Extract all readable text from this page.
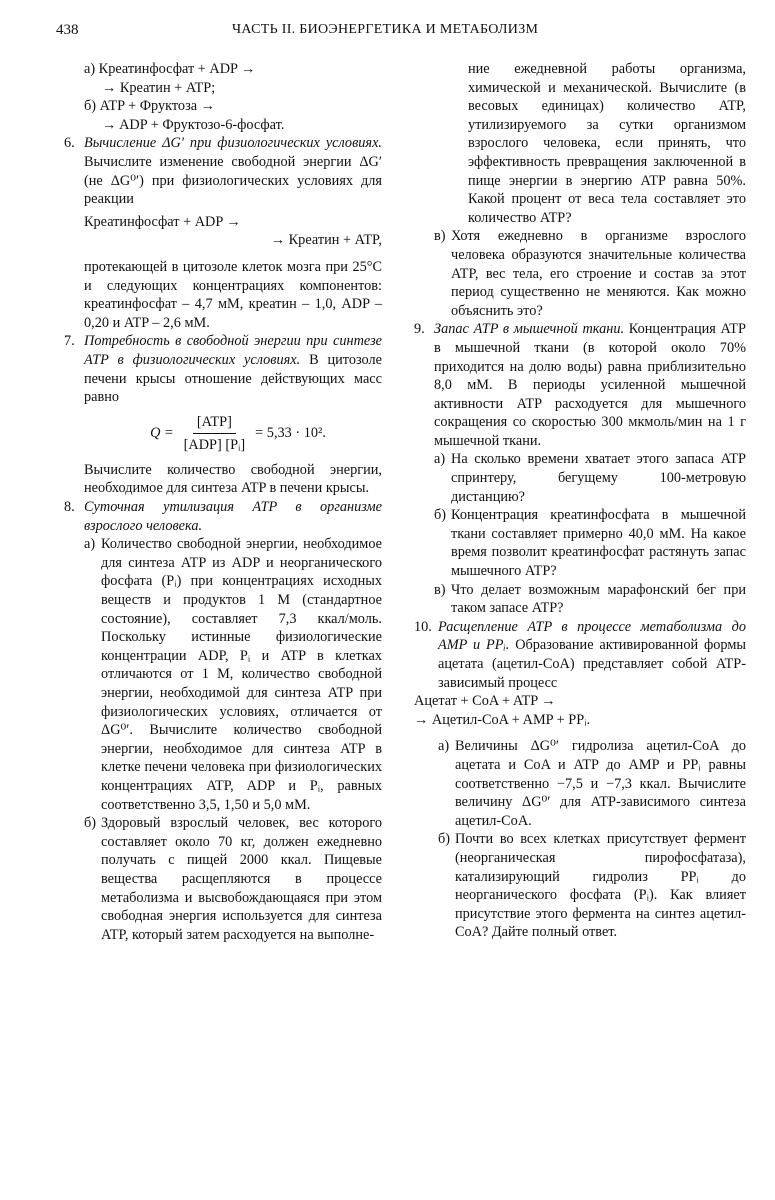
438	ЧАСТЬ II. БИОЭНЕРГЕТИКА И МЕТАБОЛИЗМ

а) Креатинфосфат + ADP →

→ Креатин + ATP;

б) ATP + Фруктоза →

→ ADP + Фруктозо-6-фосфат.

6. Вычисление ΔG′ при физиологических условиях. Вычислите изменение свободной энергии ΔG′ (не ΔG⁰′) при физиологических условиях для реакции

Креатинфосфат + ADP →

→ Креатин + ATP,

протекающей в цитозоле клеток мозга при 25°C и следующих концентрациях компонентов: креатинфосфат – 4,7 мМ, креатин – 1,0, ADP – 0,20 и ATP – 2,6 мМ.

7. Потребность в свободной энергии при синтезе ATP в физиологических условиях. В цитозоле печени крысы отношение действующих масс равно
$Q = \frac{\text{[ATP]}}{\text{[ADP] [Pᵢ]}} = 5,33 \cdot 10^2$.

Вычислите количество свободной энергии, необходимое для синтеза ATP в печени крысы.

8. Суточная утилизация ATP в организме взрослого человека.
а) Количество свободной энергии, необходимое для синтеза ATP из ADP и неорганического фосфата (Pᵢ) при концентрациях исходных веществ и продуктов 1 M (стандартное состояние), составляет 7,3 ккал/моль. Поскольку истинные физиологические концентрации ADP, Pᵢ и ATP в клетках отличаются от 1 M, количество свободной энергии, необходимой для синтеза ATP при физиологических условиях, отличается от ΔG⁰′. Вычислите количество свободной энергии, необходимое для синтеза ATP в клетке печени человека при физиологических концентрациях ATP, ADP и Pᵢ, равных соответственно 3,5, 1,50 и 5,0 мМ.
б) Здоровый взрослый человек, вес которого составляет около 70 кг, должен ежедневно получать с пищей 2000 ккал. Пищевые вещества расщепляются в процессе метаболизма и высвобождающаяся при этом свободная энергия используется для синтеза ATP, который затем расходуется на выполне-

ние ежедневной работы организма, химической и механической. Вычислите (в весовых единицах) количество ATP, утилизируемого за сутки организмом взрослого человека, если принять, что эффективность превращения заключенной в пище энергии в энергию ATP равна 50%. Какой процент от веса тела составляет это количество ATP?

в) Хотя ежедневно в организме взрослого человека образуются значительные количества ATP, вес тела, его строение и состав за этот период существенно не меняются. Как можно объяснить это?
9. Запас ATP в мышечной ткани. Концентрация ATP в мышечной ткани (в которой около 70% приходится на долю воды) равна приблизительно 8,0 мМ. В периоды усиленной мышечной активности ATP расходуется для мышечного сокращения со скоростью 300 мкмоль/мин на 1 г мышечной ткани.
а) На сколько времени хватает этого запаса ATP спринтеру, бегущему 100-метровую дистанцию?
б) Концентрация креатинфосфата в мышечной ткани составляет примерно 40,0 мМ. На какое время позволит креатинфосфат растянуть запас мышечного ATP?
в) Что делает возможным марафонский бег при таком запасе ATP?
10. Расщепление ATP в процессе метаболизма до AMP и PPᵢ. Образование активированной формы ацетата (ацетил-CoA) представляет собой ATP-зависимый процесс

Ацетат + CoA + ATP →

→ Ацетил-CoA + AMP + PPᵢ.

а) Величины ΔG⁰′ гидролиза ацетил-CoA до ацетата и CoA и ATP до AMP и PPᵢ равны соответственно −7,5 и −7,3 ккал. Вычислите величину ΔG⁰′ для ATP-зависимого синтеза ацетил-CoA.
б) Почти во всех клетках присутствует фермент (неорганическая пирофосфатаза), катализирующий гидролиз PPᵢ до неорганического фосфата (Pᵢ). Как влияет присутствие этого фермента на синтез ацетил-CoA? Дайте полный ответ.
